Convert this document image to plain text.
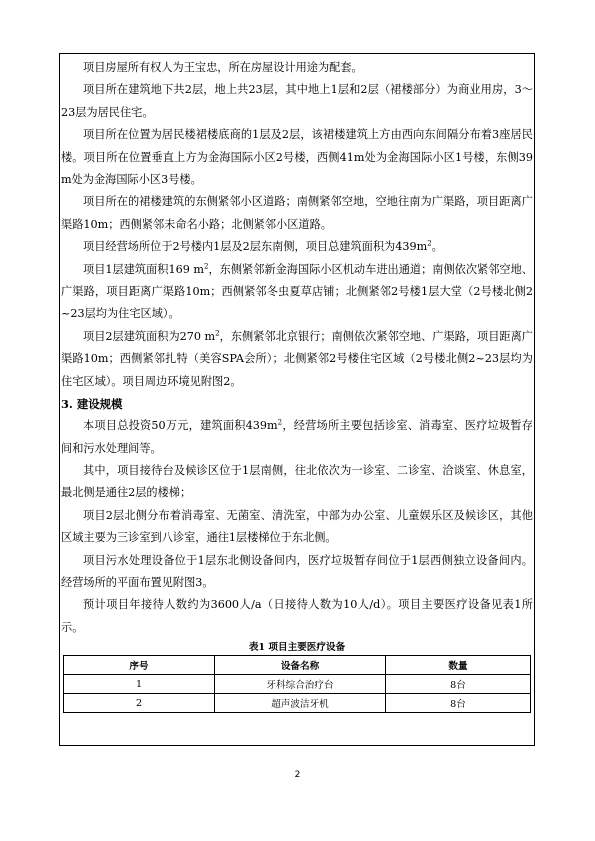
项目房屋所有权人为王宝忠，所在房屋设计用途为配套。

项目所在建筑地下共2层，地上共23层，其中地上1层和2层（裙楼部分）为商业用房，3～23层为居民住宅。

项目所在位置为居民楼裙楼底商的1层及2层，该裙楼建筑上方由西向东间隔分布着3座居民楼。项目所在位置垂直上方为金海国际小区2号楼，西侧41m处为金海国际小区1号楼，东侧39m处为金海国际小区3号楼。

项目所在的裙楼建筑的东侧紧邻小区道路；南侧紧邻空地，空地往南为广渠路，项目距离广渠路10m；西侧紧邻未命名小路；北侧紧邻小区道路。

项目经营场所位于2号楼内1层及2层东南侧，项目总建筑面积为$439m^2$。

项目1层建筑面积169 $m^2$，东侧紧邻新金海国际小区机动车进出通道；南侧依次紧邻空地、广渠路，项目距离广渠路10m；西侧紧邻冬虫夏草店铺；北侧紧邻2号楼1层大堂（2号楼北侧2~23层均为住宅区域）。

项目2层建筑面积为270 $m^2$，东侧紧邻北京银行；南侧依次紧邻空地、广渠路，项目距离广渠路10m；西侧紧邻扎特（美容SPA会所）；北侧紧邻2号楼住宅区域（2号楼北侧2~23层均为住宅区域）。项目周边环境见附图2。

3. 建设规模

本项目总投资50万元，建筑面积$439m^2$，经营场所主要包括诊室、消毒室、医疗垃圾暂存间和污水处理间等。

其中，项目接待台及候诊区位于1层南侧，往北依次为一诊室、二诊室、洽谈室、休息室，最北侧是通往2层的楼梯；

项目2层北侧分布着消毒室、无菌室、清洗室，中部为办公室、儿童娱乐区及候诊区，其他区域主要为三诊室到八诊室，通往1层楼梯位于东北侧。

项目污水处理设备位于1层东北侧设备间内，医疗垃圾暂存间位于1层西侧独立设备间内。经营场所的平面布置见附图3。

预计项目年接待人数约为3600人/a（日接待人数为10人/d）。项目主要医疗设备见表1所示。

表1 项目主要医疗设备

序号	设备名称	数量
1	牙科综合治疗台	8台
2	超声波洁牙机	8台
2
